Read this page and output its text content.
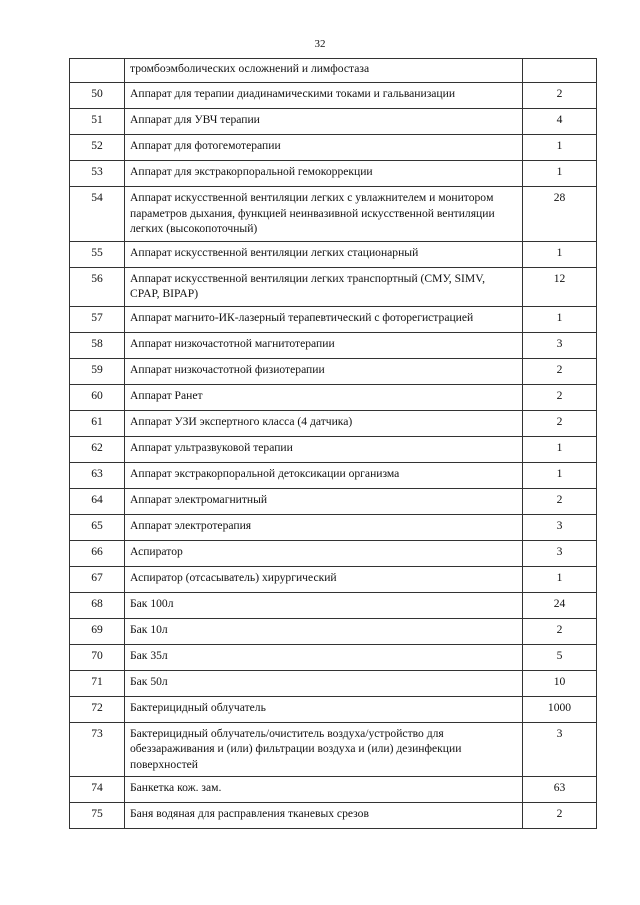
32
	тромбоэмболических осложнений и лимфостаза	
50	Аппарат для терапии диадинамическими токами и гальванизации	2
51	Аппарат для УВЧ терапии	4
52	Аппарат для фотогемотерапии	1
53	Аппарат для экстракорпоральной гемокоррекции	1
54	Аппарат искусственной вентиляции легких с увлажнителем и мониторoм параметров дыхания, функцией неинвазивной искусственной вентиляции легких (высокопоточный)	28
55	Аппарат искусственной вентиляции легких стационарный	1
56	Аппарат искусственной вентиляции легких транспортный (СМУ, SIMV, CPAP, BIPAP)	12
57	Аппарат магнито-ИК-лазерный терапевтический с фоторегистрацией	1
58	Аппарат низкочастотной магнитотерапии	3
59	Аппарат низкочастотной физиотерапии	2
60	Аппарат Ранет	2
61	Аппарат УЗИ экспертного класса (4 датчика)	2
62	Аппарат ультразвуковой терапии	1
63	Аппарат экстракорпоральной детоксикации организма	1
64	Аппарат электромагнитный	2
65	Аппарат электротерапия	3
66	Аспиратор	3
67	Аспиратор (отсасыватель) хирургический	1
68	Бак 100л	24
69	Бак 10л	2
70	Бак 35л	5
71	Бак 50л	10
72	Бактерицидный облучатель	1000
73	Бактерицидный облучатель/очиститель воздуха/устройство для обеззараживания и (или) фильтрации воздуха и (или) дезинфекции поверхностей	3
74	Банкетка кож. зам.	63
75	Баня водяная для расправления тканевых срезов	2
